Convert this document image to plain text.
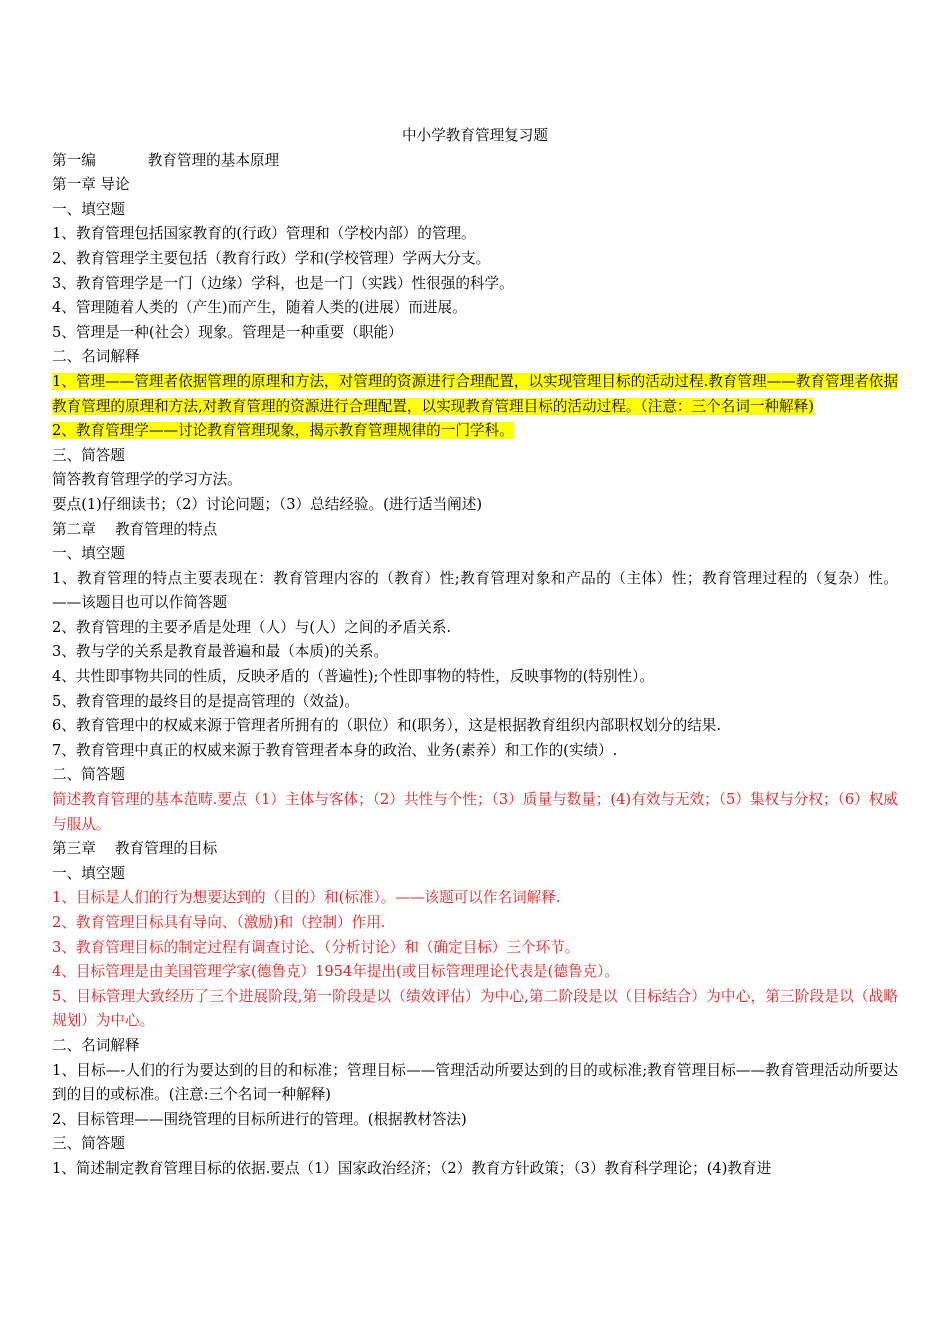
中小学教育管理复习题

第一编	教育管理的基本原理

第一章 导论

一、填空题

1、教育管理包括国家教育的(行政）管理和（学校内部）的管理。

2、教育管理学主要包括（教育行政）学和(学校管理）学两大分支。

3、教育管理学是一门（边缘）学科，也是一门（实践）性很强的科学。

4、管理随着人类的（产生)而产生，随着人类的(进展）而进展。

5、管理是一种(社会）现象。管理是一种重要（职能）

二、名词解释

1、管理——管理者依据管理的原理和方法，对管理的资源进行合理配置，以实现管理目标的活动过程.教育管理——教育管理者依据教育管理的原理和方法,对教育管理的资源进行合理配置，以实现教育管理目标的活动过程。（注意：三个名词一种解释)

2、教育管理学——讨论教育管理现象，揭示教育管理规律的一门学科。

三、简答题

简答教育管理学的学习方法。

要点(1)仔细读书；（2）讨论问题；（3）总结经验。(进行适当阐述)

第二章　 教育管理的特点

一、填空题

1、教育管理的特点主要表现在：教育管理内容的（教育）性;教育管理对象和产品的（主体）性；教育管理过程的（复杂）性。——该题目也可以作简答题

2、教育管理的主要矛盾是处理（人）与(人）之间的矛盾关系.

3、教与学的关系是教育最普遍和最（本质)的关系。

4、共性即事物共同的性质，反映矛盾的（普遍性);个性即事物的特性，反映事物的(特别性）。

5、教育管理的最终目的是提高管理的（效益)。

6、教育管理中的权威来源于管理者所拥有的（职位）和(职务），这是根据教育组织内部职权划分的结果.

7、教育管理中真正的权威来源于教育管理者本身的政治、业务(素养）和工作的(实绩）.

二、简答题

简述教育管理的基本范畴.要点（1）主体与客体；（2）共性与个性；（3）质量与数量；(4)有效与无效；（5）集权与分权；（6）权威与服从。

第三章　 教育管理的目标

一、填空题

1、目标是人们的行为想要达到的（目的）和(标准）。——该题可以作名词解释.

2、教育管理目标具有导向、（激励)和（控制）作用.

3、教育管理目标的制定过程有调查讨论、（分析讨论）和（确定目标）三个环节。

4、目标管理是由美国管理学家(德鲁克）1954年提出(或目标管理理论代表是(德鲁克）。

5、目标管理大致经历了三个进展阶段,第一阶段是以（绩效评估）为中心,第二阶段是以（目标结合）为中心，第三阶段是以（战略规划）为中心。

二、名词解释

1、目标—-人们的行为要达到的目的和标准；管理目标——管理活动所要达到的目的或标准;教育管理目标——教育管理活动所要达到的目的或标准。(注意:三个名词一种解释)

2、目标管理——围绕管理的目标所进行的管理。(根据教材答法)

三、简答题

1、简述制定教育管理目标的依据.要点（1）国家政治经济；（2）教育方针政策；（3）教育科学理论；(4)教育进
